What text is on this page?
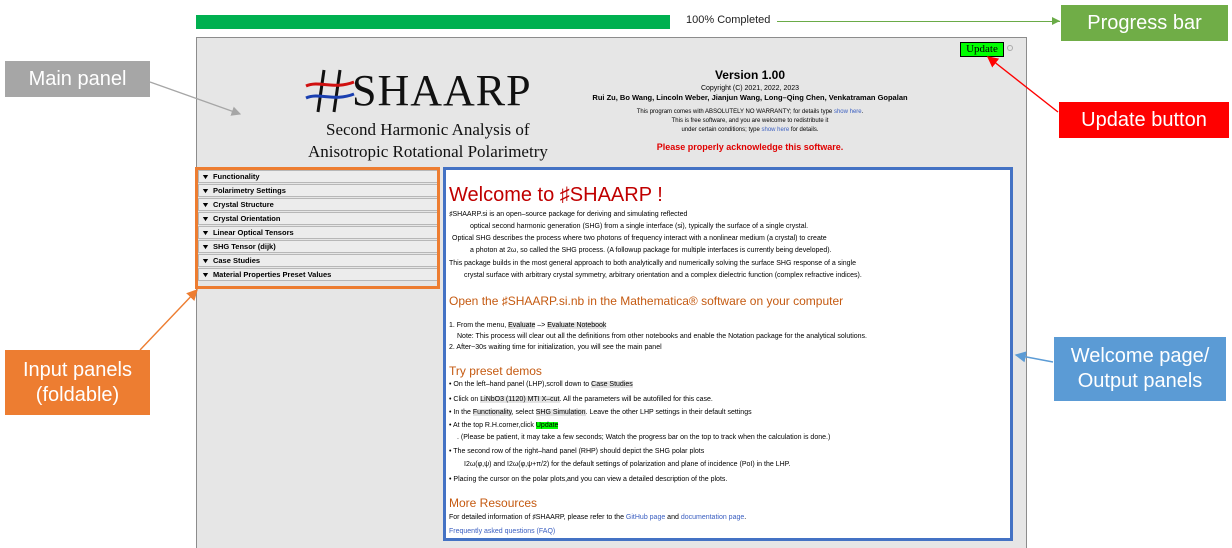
100% Completed
SHAARP
Second Harmonic Analysis of
Anisotropic Rotational Polarimetry
Version 1.00
Copyright (C) 2021, 2022, 2023
Rui Zu, Bo Wang, Lincoln Weber, Jianjun Wang, Long–Qing Chen, Venkatraman Gopalan
This program comes with ABSOLUTELY NO WARRANTY; for details type show here.
This is free software, and you are welcome to redistribute it
under certain conditions; type show here for details.
Please properly acknowledge this software.
Update
▼ Functionality
▼ Polarimetry Settings
▼ Crystal Structure
▼ Crystal Orientation
▼ Linear Optical Tensors
▼ SHG Tensor (dijk)
▼ Case Studies
▼ Material Properties Preset Values
Welcome to ♯SHAARP !
♯SHAARP.si is an open–source package for deriving and simulating reflected
optical second harmonic generation (SHG) from a single interface (si), typically the surface of a single crystal.
Optical SHG describes the process where two photons of frequency interact with a nonlinear medium (a crystal) to create
a photon at 2ω, so called the SHG process. (A followup package for multiple interfaces is currently being developed).
This package builds in the most general approach to both analytically and numerically solving the surface SHG response of a single
crystal surface with arbitrary crystal symmetry, arbitrary orientation and a complex dielectric function (complex refractive indices).
Open the ♯SHAARP.si.nb in the Mathematica® software on your computer
1. From the menu, Evaluate –> Evaluate Notebook
Note: This process will clear out all the definitions from other notebooks and enable the Notation package for the analytical solutions.
2. After~30s waiting time for initialization, you will see the main panel
Try preset demos
• On the left–hand panel (LHP),scroll down to Case Studies
• Click on LiNbO3 (1120) MTI X–cut. All the parameters will be autofilled for this case.
• In the Functionality, select SHG Simulation. Leave the other LHP settings in their default settings
• At the top R.H.corner,click Update
. (Please be patient, it may take a few seconds; Watch the progress bar on the top to track when the calculation is done.)
• The second row of the right–hand panel (RHP) should depict the SHG polar plots
I2ω(φ,ψ) and I2ω(φ,ψ+π/2) for the default settings of polarization and plane of incidence (PoI) in the LHP.
• Placing the cursor on the polar plots,and you can view a detailed description of the plots.
More Resources
For detailed information of ♯SHAARP, please refer to the GitHub page and documentation page.
Frequently asked questions (FAQ)
Progress bar
Main panel
Update button
Input panels
(foldable)
Welcome page/
Output panels
